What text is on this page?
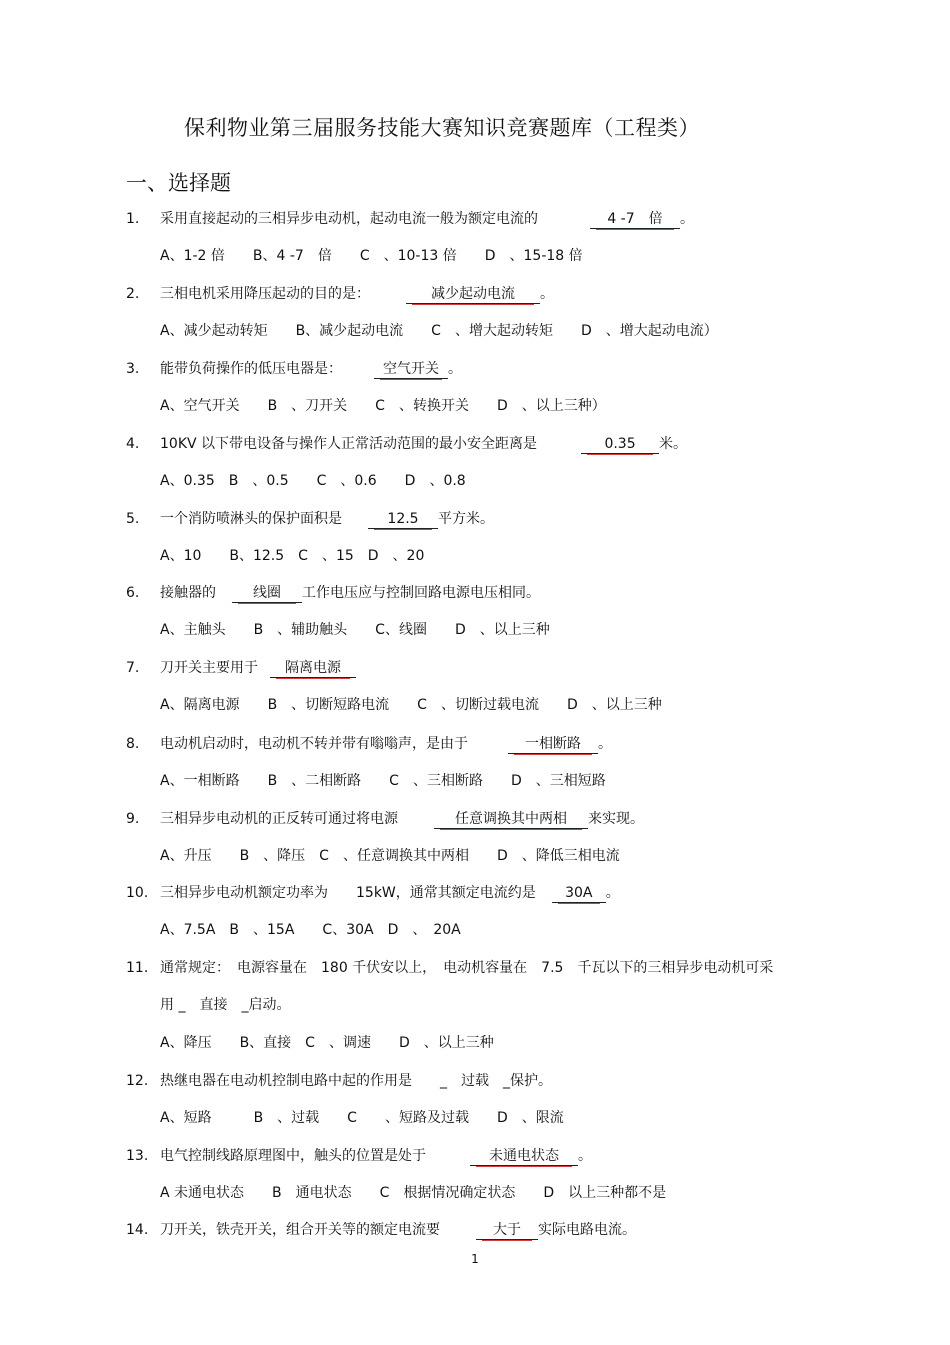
保利物业第三届服务技能大赛知识竞赛题库（工程类）
一、选择题
1. 采用直接起动的三相异步电动机，起动电流一般为额定电流的	4 -7　倍 。
A、1-2 倍　　B、4 -7　倍　　C　、10-13 倍　　D　、15-18 倍
2. 三相电机采用降压起动的目的是：	减少起动电流 。
A、减少起动转矩　　B、减少起动电流　　C　、增大起动转矩　　D　、增大起动电流）
3. 能带负荷操作的低压电器是：	空气开关 。
A、空气开关　　B　、刀开关　　C　、转换开关　　D　、以上三种）
4. 10KV 以下带电设备与操作人正常活动范围的最小安全距离是	0.35 米。
A、0.35　B　、0.5　　C　、0.6　　D　、0.8
5. 一个消防喷淋头的保护面积是	12.5 平方米。
A、10　　B、12.5　C　、15　D　、20
6. 接触器的	线圈 工作电压应与控制回路电源电压相同。
A、主触头　　B　、辅助触头　　C、线圈　　D　、以上三种
7. 刀开关主要用于 隔离电源
A、隔离电源　　B　、切断短路电流　　C　、切断过载电流　　D　、以上三种
8. 电动机启动时，电动机不转并带有嗡嗡声，是由于	一相断路 。
A、一相断路　　B　、二相断路　　C　、三相断路　　D　、三相短路
9. 三相异步电动机的正反转可通过将电源	任意调换其中两相 来实现。
A、升压　　B　、降压　C　、任意调换其中两相　　D　、降低三相电流
10. 三相异步电动机额定功率为　　15kW，通常其额定电流约是 30A 。
A、7.5A　B　、15A　　C、30A　D　、　20A
11. 通常规定：　电源容量在　180 千伏安以上，　电动机容量在　7.5　千瓦以下的三相异步电动机可采
用 _　直接　_启动。
A、降压　　B、直接　C　、调速　　D　、以上三种
12. 热继电器在电动机控制电路中起的作用是　　_　过载　_保护。
A、短路　　　B　、过载　　C　　、短路及过载　　D　、限流
13. 电气控制线路原理图中，触头的位置是处于	未通电状态 。
A 未通电状态　　B　通电状态　　C　根据情况确定状态　　D　以上三种都不是
14. 刀开关，铁壳开关，组合开关等的额定电流要	大于 实际电路电流。
1
